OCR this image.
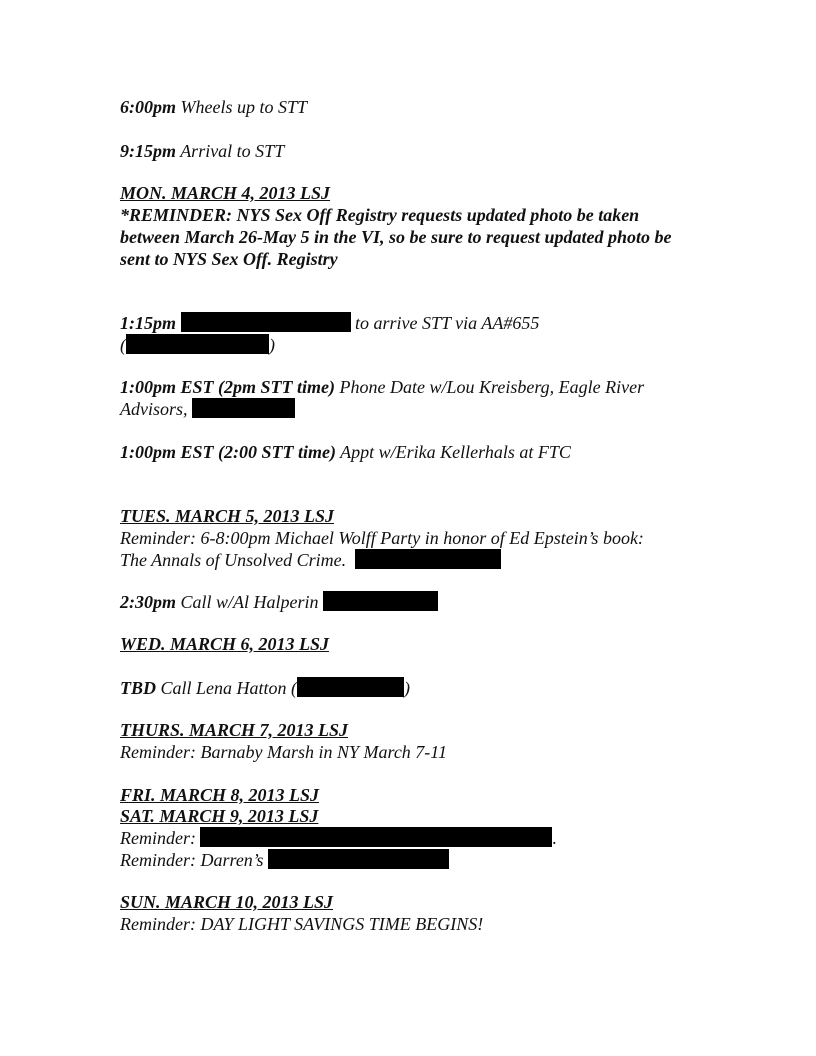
6:00pm Wheels up to STT
9:15pm Arrival to STT
MON. MARCH 4, 2013 LSJ
*REMINDER: NYS Sex Off Registry requests updated photo be taken
between March 26-May 5 in the VI, so be sure to request updated photo be
sent to NYS Sex Off. Registry
1:15pm	to arrive STT via AA#655
(	)
1:00pm EST (2pm STT time) Phone Date w/Lou Kreisberg, Eagle River
Advisors,
1:00pm EST (2:00 STT time) Appt w/Erika Kellerhals at FTC
TUES. MARCH 5, 2013 LSJ
Reminder: 6-8:00pm Michael Wolff Party in honor of Ed Epstein’s book:
The Annals of Unsolved Crime.
2:30pm Call w/Al Halperin
WED. MARCH 6, 2013 LSJ
TBD Call Lena Hatton (	)
THURS. MARCH 7, 2013 LSJ
Reminder: Barnaby Marsh in NY March 7-11
FRI. MARCH 8, 2013 LSJ
SAT. MARCH 9, 2013 LSJ
Reminder:	.
Reminder: Darren’s
SUN. MARCH 10, 2013 LSJ
Reminder: DAY LIGHT SAVINGS TIME BEGINS!
